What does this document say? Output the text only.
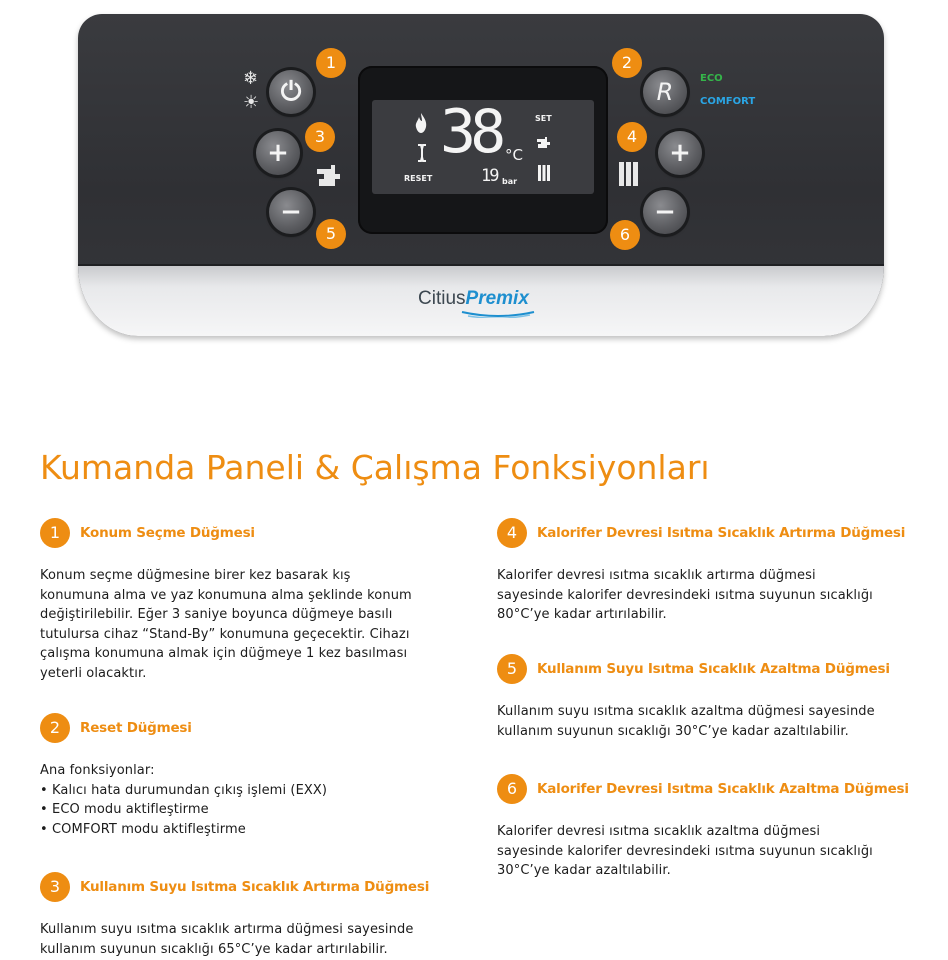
38 °C
SET
RESET	19 bar
❄
☀ ⏻
+
−
R
+
−
ECO
COMFORT
1	2
3	4
5	6
CitiusPremix
Kumanda Paneli & Çalışma Fonksiyonları
1	Konum Seçme Düğmesi
Konum seçme düğmesine birer kez basarak kış
konumuna alma ve yaz konumuna alma şeklinde konum
değiştirilebilir. Eğer 3 saniye boyunca düğmeye basılı
tutulursa cihaz “Stand-By” konumuna geçecektir. Cihazı
çalışma konumuna almak için düğmeye 1 kez basılması
yeterli olacaktır.
2	Reset Düğmesi
Ana fonksiyonlar:
• Kalıcı hata durumundan çıkış işlemi (EXX)
• ECO modu aktifleştirme
• COMFORT modu aktifleştirme
3	Kullanım Suyu Isıtma Sıcaklık Artırma Düğmesi
Kullanım suyu ısıtma sıcaklık artırma düğmesi sayesinde
kullanım suyunun sıcaklığı 65°C’ye kadar artırılabilir.
4	Kalorifer Devresi Isıtma Sıcaklık Artırma Düğmesi
Kalorifer devresi ısıtma sıcaklık artırma düğmesi
sayesinde kalorifer devresindeki ısıtma suyunun sıcaklığı
80°C’ye kadar artırılabilir.
5	Kullanım Suyu Isıtma Sıcaklık Azaltma Düğmesi
Kullanım suyu ısıtma sıcaklık azaltma düğmesi sayesinde
kullanım suyunun sıcaklığı 30°C’ye kadar azaltılabilir.
6	Kalorifer Devresi Isıtma Sıcaklık Azaltma Düğmesi
Kalorifer devresi ısıtma sıcaklık azaltma düğmesi
sayesinde kalorifer devresindeki ısıtma suyunun sıcaklığı
30°C’ye kadar azaltılabilir.
